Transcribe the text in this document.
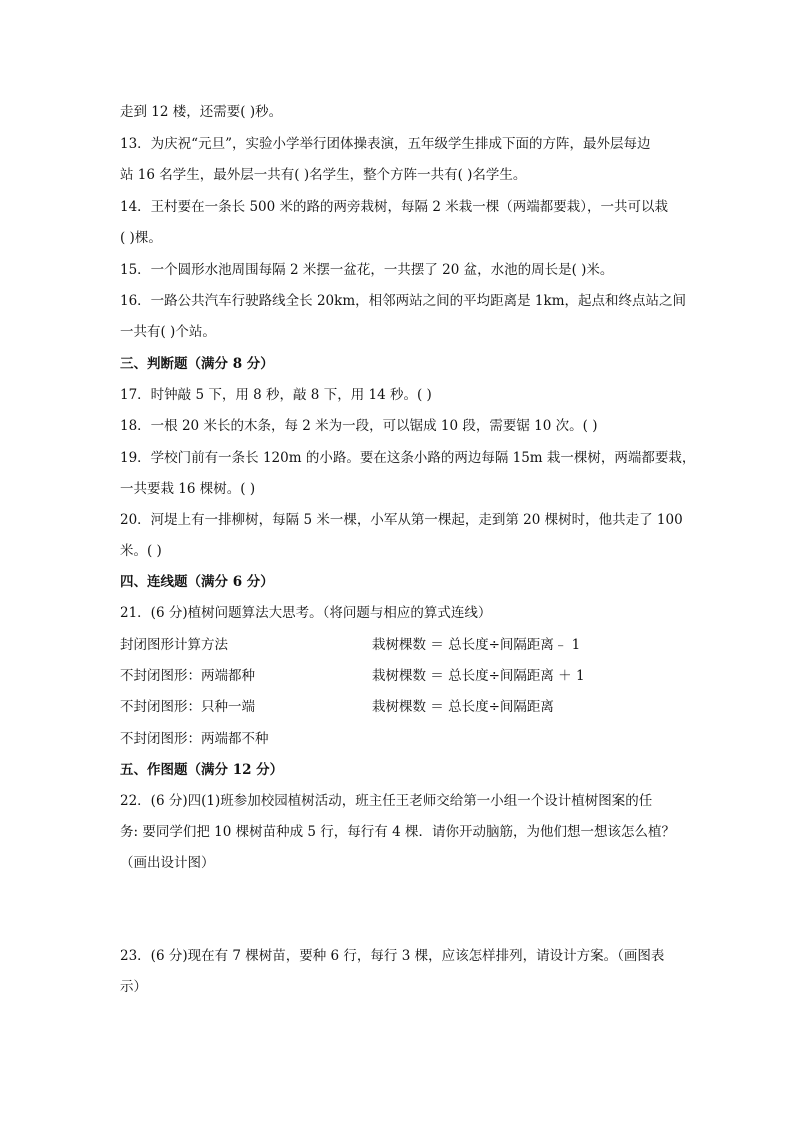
走到 12 楼，还需要( )秒。
13．为庆祝“元旦”，实验小学举行团体操表演，五年级学生排成下面的方阵，最外层每边
站 16 名学生，最外层一共有( )名学生，整个方阵一共有( )名学生。
14．王村要在一条长 500 米的路的两旁栽树，每隔 2 米栽一棵（两端都要栽），一共可以栽
( )棵。
15．一个圆形水池周围每隔 2 米摆一盆花，一共摆了 20 盆，水池的周长是( )米。
16．一路公共汽车行驶路线全长 20km，相邻两站之间的平均距离是 1km，起点和终点站之间
一共有( )个站。
三、判断题（满分 8 分）
17．时钟敲 5 下，用 8 秒，敲 8 下，用 14 秒。( )
18．一根 20 米长的木条，每 2 米为一段，可以锯成 10 段，需要锯 10 次。( )
19．学校门前有一条长 120m 的小路。要在这条小路的两边每隔 15m 栽一棵树，两端都要栽，
一共要栽 16 棵树。( )
20．河堤上有一排柳树，每隔 5 米一棵，小军从第一棵起，走到第 20 棵树时，他共走了 100
米。( )
四、连线题（满分 6 分）
21．(6 分)植树问题算法大思考。（将问题与相应的算式连线）
封闭图形计算方法	栽树棵数 ＝ 总长度÷间隔距离﹣ 1
不封闭图形：两端都种	栽树棵数 ＝ 总长度÷间隔距离 ＋ 1
不封闭图形：只种一端	栽树棵数 ＝ 总长度÷间隔距离
不封闭图形：两端都不种
五、作图题（满分 12 分）
22．(6 分)四(1)班参加校园植树活动，班主任王老师交给第一小组一个设计植树图案的任
务: 要同学们把 10 棵树苗种成 5 行，每行有 4 棵．请你开动脑筋，为他们想一想该怎么植？
（画出设计图）
23．(6 分)现在有 7 棵树苗，要种 6 行，每行 3 棵，应该怎样排列，请设计方案。（画图表
示）
